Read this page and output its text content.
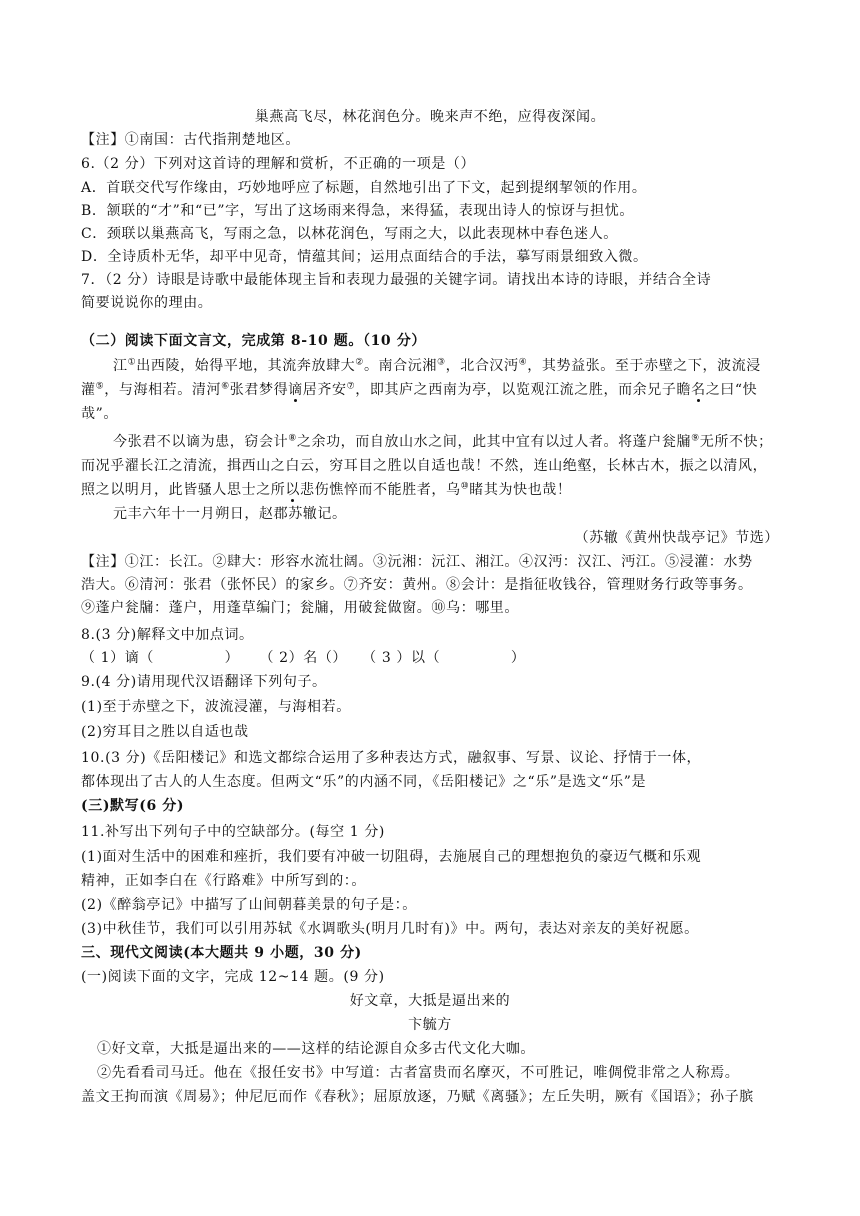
巢燕高飞尽，林花润色分。晚来声不绝，应得夜深闻。
【注】①南国：古代指荆楚地区。
6.（2 分）下列对这首诗的理解和赏析，不正确的一项是（）
A．首联交代写作缘由，巧妙地呼应了标题，自然地引出了下文，起到提纲挈领的作用。
B．颔联的“才”和“已”字，写出了这场雨来得急，来得猛，表现出诗人的惊讶与担忧。
C．颈联以巢燕高飞，写雨之急，以林花润色，写雨之大，以此表现林中春色迷人。
D．全诗质朴无华，却平中见奇，情蕴其间；运用点面结合的手法，摹写雨景细致入微。
7．（2 分）诗眼是诗歌中最能体现主旨和表现力最强的关键字词。请找出本诗的诗眼，并结合全诗
简要说说你的理由。
（二）阅读下面文言文，完成第 8-10 题。（10 分）
江①出西陵，始得平地，其流奔放肆大②。南合沅湘③，北合汉沔④，其势益张。至于赤壁之下，波流浸
灌⑤，与海相若。清河⑥张君梦得谪居齐安⑦，即其庐之西南为亭，以览观江流之胜，而余兄子瞻名之曰“快
哉”。
今张君不以谪为患，窃会计⑧之余功，而自放山水之间，此其中宜有以过人者。将蓬户瓮牖⑨无所不快；
而况乎濯长江之清流，揖西山之白云，穷耳目之胜以自适也哉！不然，连山绝壑，长林古木，振之以清风，
照之以明月，此皆骚人思士之所以悲伤憔悴而不能胜者，乌⑩睹其为快也哉！
元丰六年十一月朔日，赵郡苏辙记。
（苏辙《黄州快哉亭记》节选）
【注】①江：长江。②肆大：形容水流壮阔。③沅湘：沅江、湘江。④汉沔：汉江、沔江。⑤浸灌：水势
浩大。⑥清河：张君（张怀民）的家乡。⑦齐安：黄州。⑧会计：是指征收钱谷，管理财务行政等事务。
⑨蓬户瓮牖：蓬户，用蓬草编门；瓮牖，用破瓮做窗。⑩乌：哪里。
8.(3 分)解释文中加点词。
（ 1）谪（              ）    （ 2）名（）   （ 3 ）以（              ）
9.(4 分)请用现代汉语翻译下列句子。
(1)至于赤壁之下，波流浸灌，与海相若。
(2)穷耳目之胜以自适也哉
10.(3 分)《岳阳楼记》和选文都综合运用了多种表达方式，融叙事、写景、议论、抒情于一体，
都体现出了古人的人生态度。但两文“乐”的内涵不同，《岳阳楼记》之“乐”是选文“乐”是
(三)默写(6 分)
11.补写出下列句子中的空缺部分。(每空 1 分)
(1)面对生活中的困难和痤折，我们要有冲破一切阻碍，去施展自己的理想抱负的豪迈气概和乐观
精神，正如李白在《行路难》中所写到的：。
(2)《醉翁亭记》中描写了山间朝暮美景的句子是：。
(3)中秋佳节，我们可以引用苏轼《水调歌头(明月几时有)》中。两句，表达对亲友的美好祝愿。
三、现代文阅读(本大题共 9 小题，30 分)
(一)阅读下面的文字，完成 12~14 题。(9 分)
好文章，大抵是逼出来的
卞毓方
①好文章，大抵是逼出来的——这样的结论源自众多古代文化大咖。
②先看看司马迁。他在《报任安书》中写道：古者富贵而名摩灭，不可胜记，唯倜傥非常之人称焉。
盖文王拘而演《周易》；仲尼厄而作《春秋》；屈原放逐，乃赋《离骚》；左丘失明，厥有《国语》；孙子膑
